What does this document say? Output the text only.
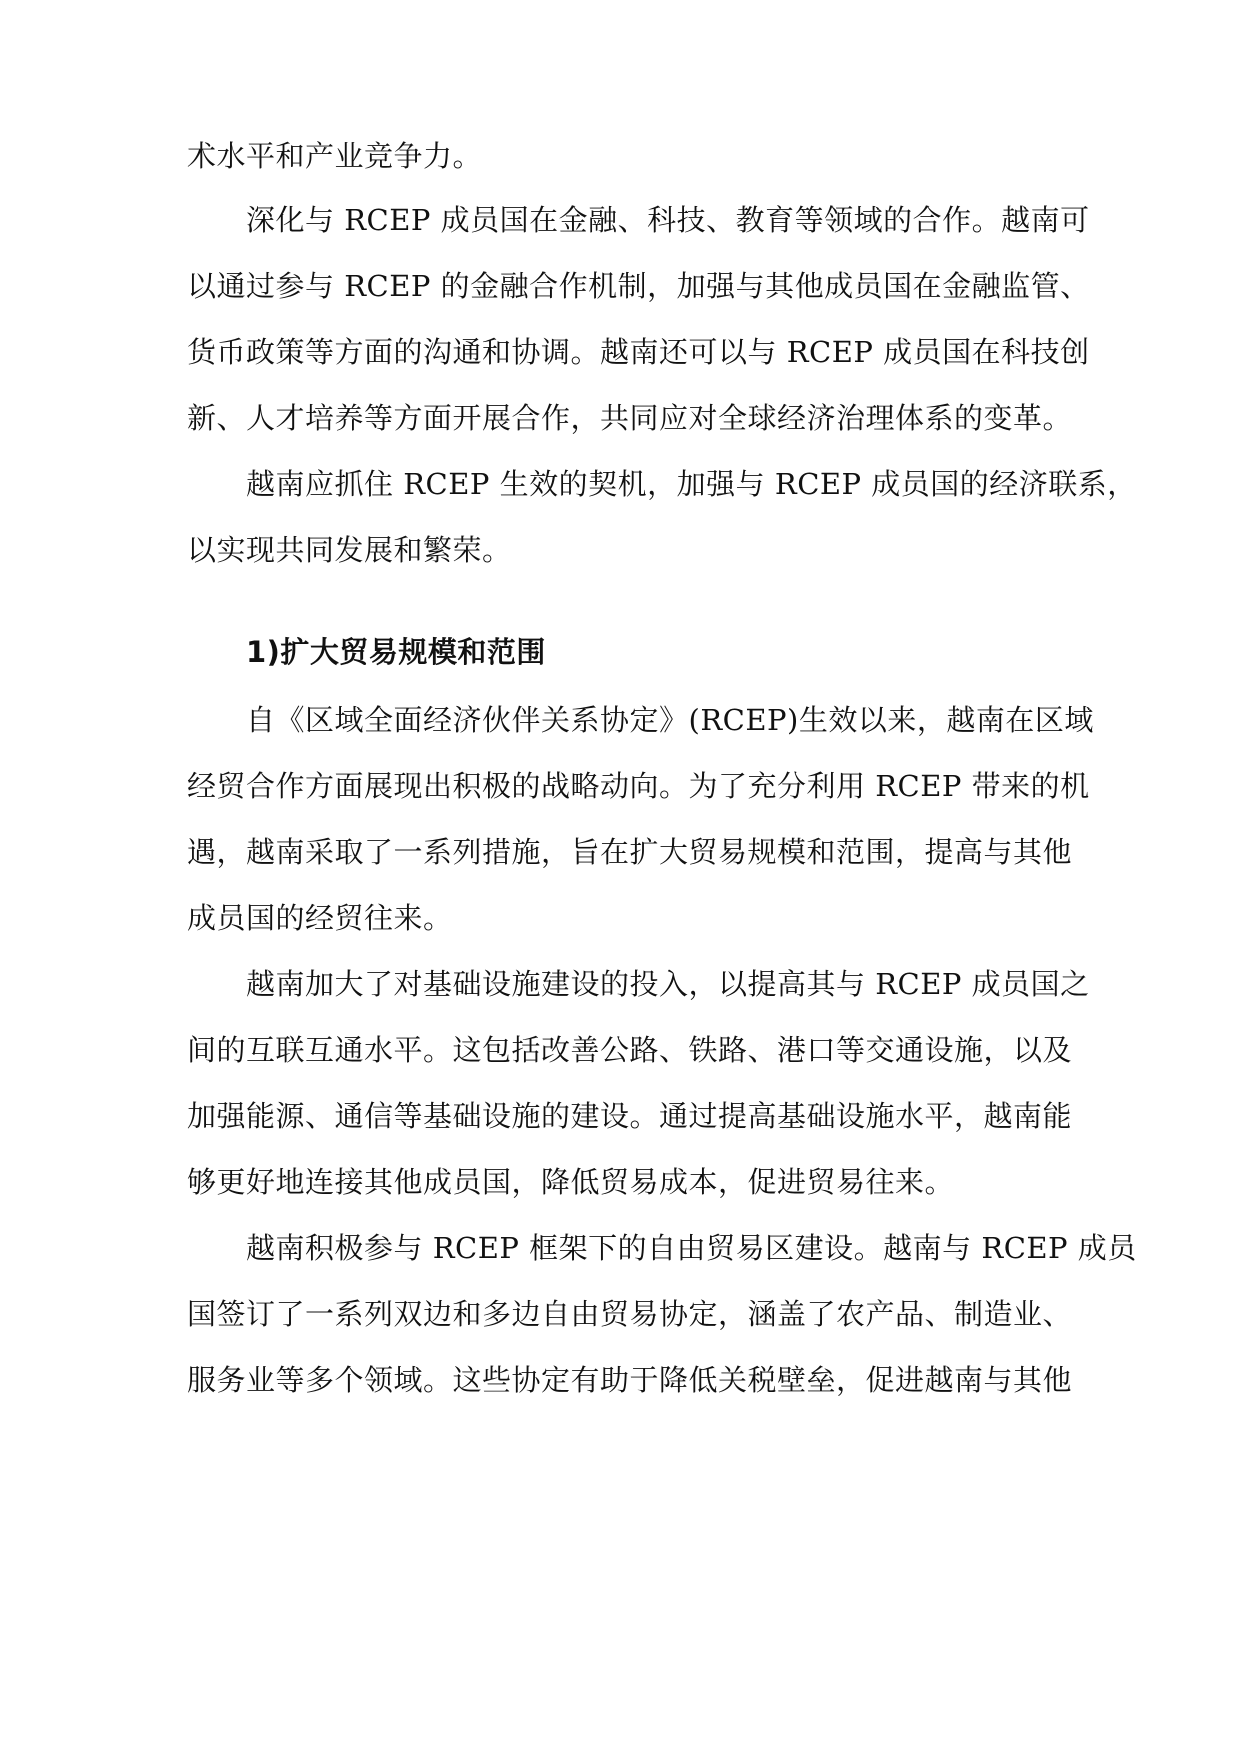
术水平和产业竞争力。
深化与 RCEP 成员国在金融、科技、教育等领域的合作。越南可
以通过参与 RCEP 的金融合作机制，加强与其他成员国在金融监管、
货币政策等方面的沟通和协调。越南还可以与 RCEP 成员国在科技创
新、人才培养等方面开展合作，共同应对全球经济治理体系的变革。
越南应抓住 RCEP 生效的契机，加强与 RCEP 成员国的经济联系，
以实现共同发展和繁荣。
1)扩大贸易规模和范围
自《区域全面经济伙伴关系协定》(RCEP)生效以来，越南在区域
经贸合作方面展现出积极的战略动向。为了充分利用 RCEP 带来的机
遇，越南采取了一系列措施，旨在扩大贸易规模和范围，提高与其他
成员国的经贸往来。
越南加大了对基础设施建设的投入，以提高其与 RCEP 成员国之
间的互联互通水平。这包括改善公路、铁路、港口等交通设施，以及
加强能源、通信等基础设施的建设。通过提高基础设施水平，越南能
够更好地连接其他成员国，降低贸易成本，促进贸易往来。
越南积极参与 RCEP 框架下的自由贸易区建设。越南与 RCEP 成员
国签订了一系列双边和多边自由贸易协定，涵盖了农产品、制造业、
服务业等多个领域。这些协定有助于降低关税壁垒，促进越南与其他
